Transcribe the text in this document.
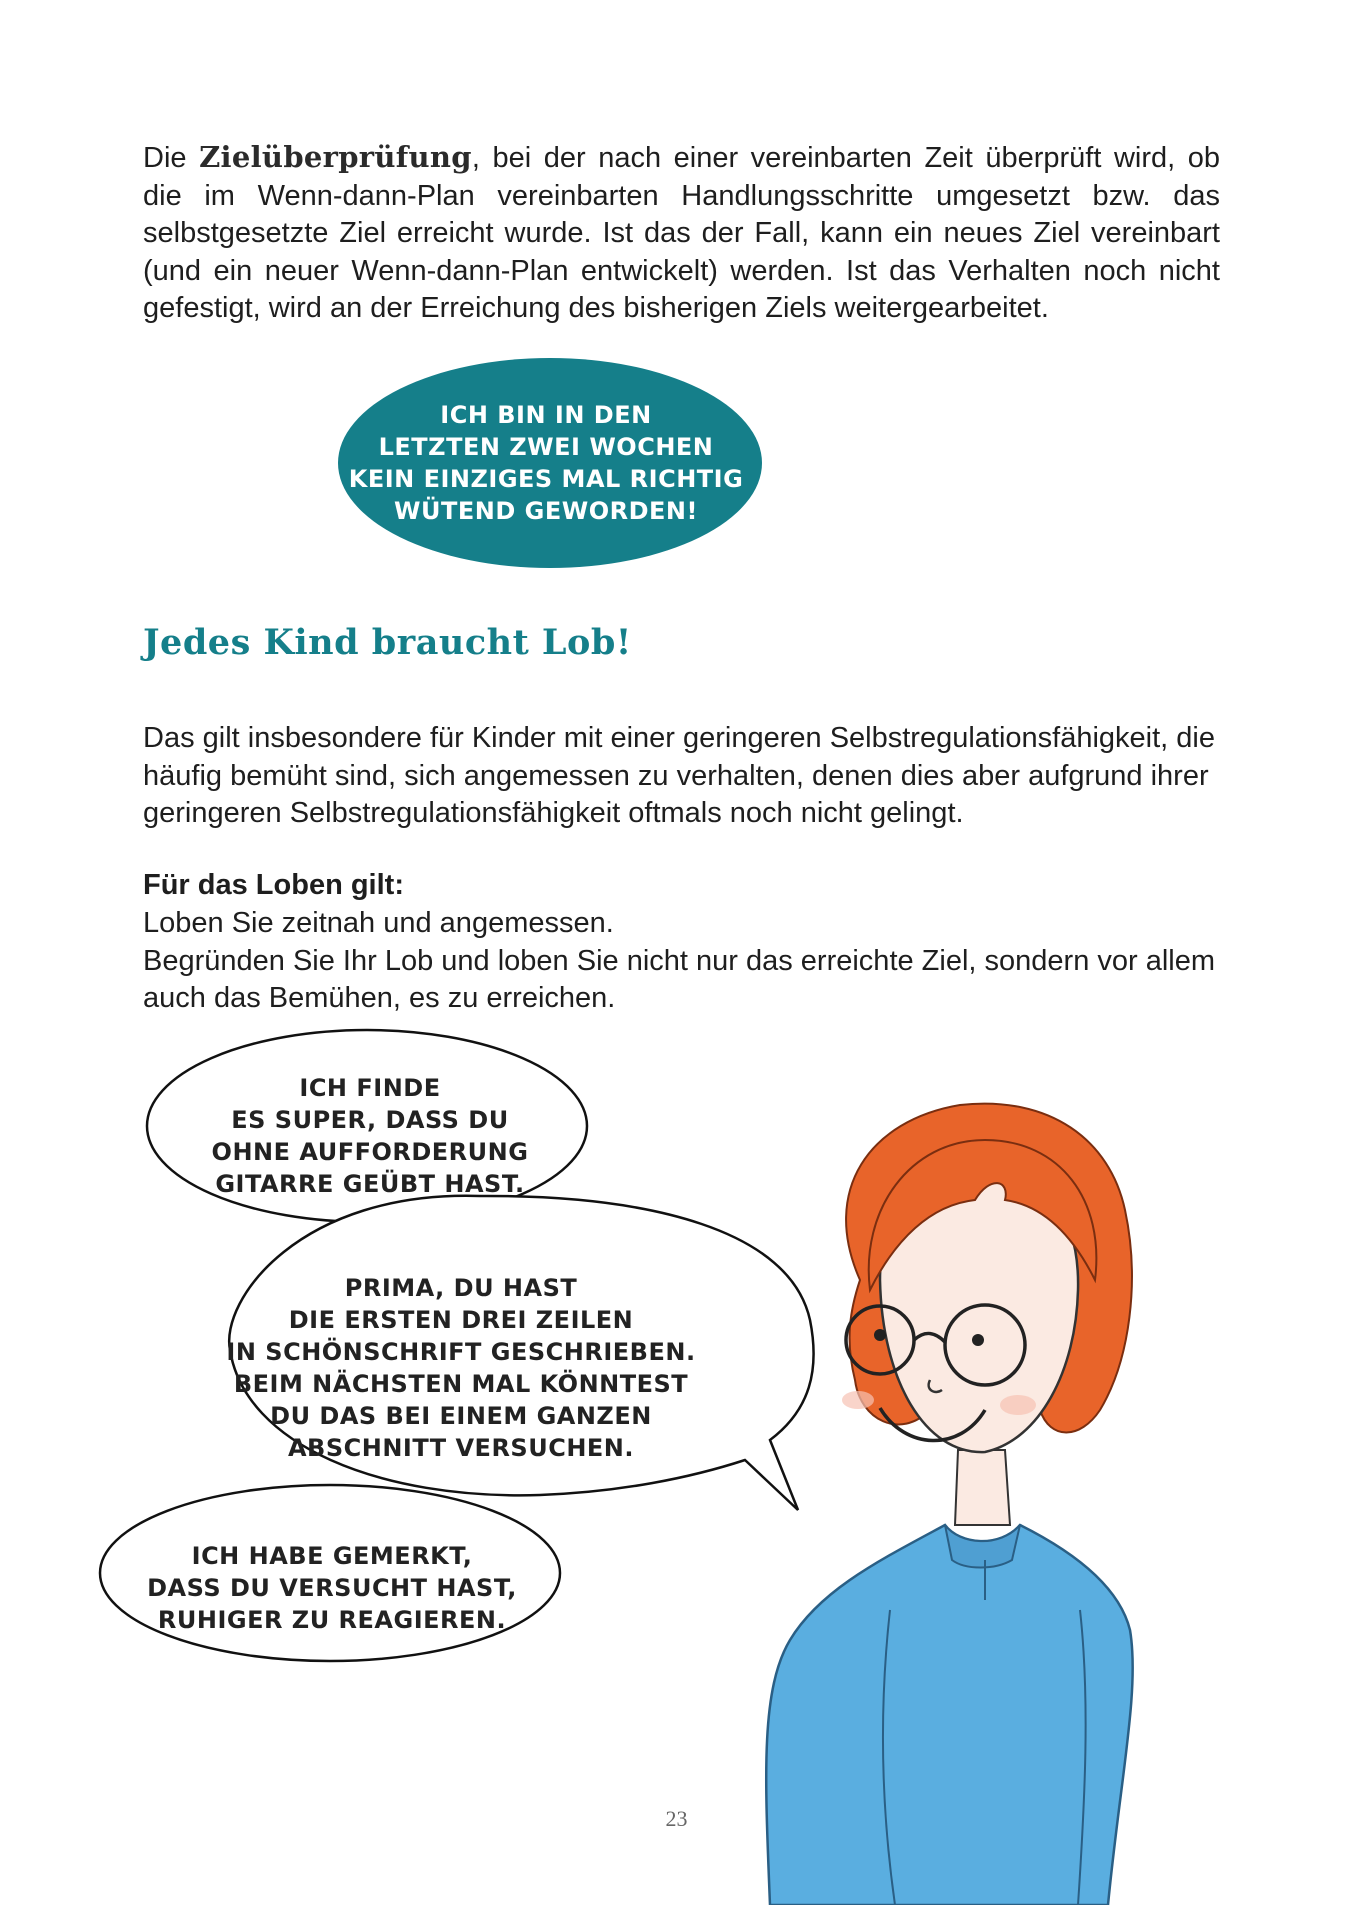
Die Zielüberprüfung, bei der nach einer vereinbarten Zeit überprüft wird, ob die im Wenn-dann-Plan vereinbarten Handlungsschritte umgesetzt bzw. das selbstgesetzte Ziel erreicht wurde. Ist das der Fall, kann ein neues Ziel vereinbart (und ein neuer Wenn-dann-Plan entwickelt) werden. Ist das Verhalten noch nicht gefestigt, wird an der Erreichung des bisherigen Ziels weitergearbeitet.

ICH BIN IN DEN
LETZTEN ZWEI WOCHEN
KEIN EINZIGES MAL RICHTIG
WÜTEND GEWORDEN!
Jedes Kind braucht Lob!

Das gilt insbesondere für Kinder mit einer geringeren Selbstregulationsfähigkeit, die häufig bemüht sind, sich angemessen zu verhalten, denen dies aber aufgrund ihrer geringeren Selbstregulationsfähigkeit oftmals noch nicht gelingt.

Für das Loben gilt:

Loben Sie zeitnah und angemessen.
Begründen Sie Ihr Lob und loben Sie nicht nur das erreichte Ziel, sondern vor allem auch das Bemühen, es zu erreichen.
ICH FINDE
ES SUPER, DASS DU
OHNE AUFFORDERUNG
GITARRE GEÜBT HAST.
PRIMA, DU HAST
DIE ERSTEN DREI ZEILEN
IN SCHÖNSCHRIFT GESCHRIEBEN.
BEIM NÄCHSTEN MAL KÖNNTEST
DU DAS BEI EINEM GANZEN
ABSCHNITT VERSUCHEN.
ICH HABE GEMERKT,
DASS DU VERSUCHT HAST,
RUHIGER ZU REAGIEREN.
23
